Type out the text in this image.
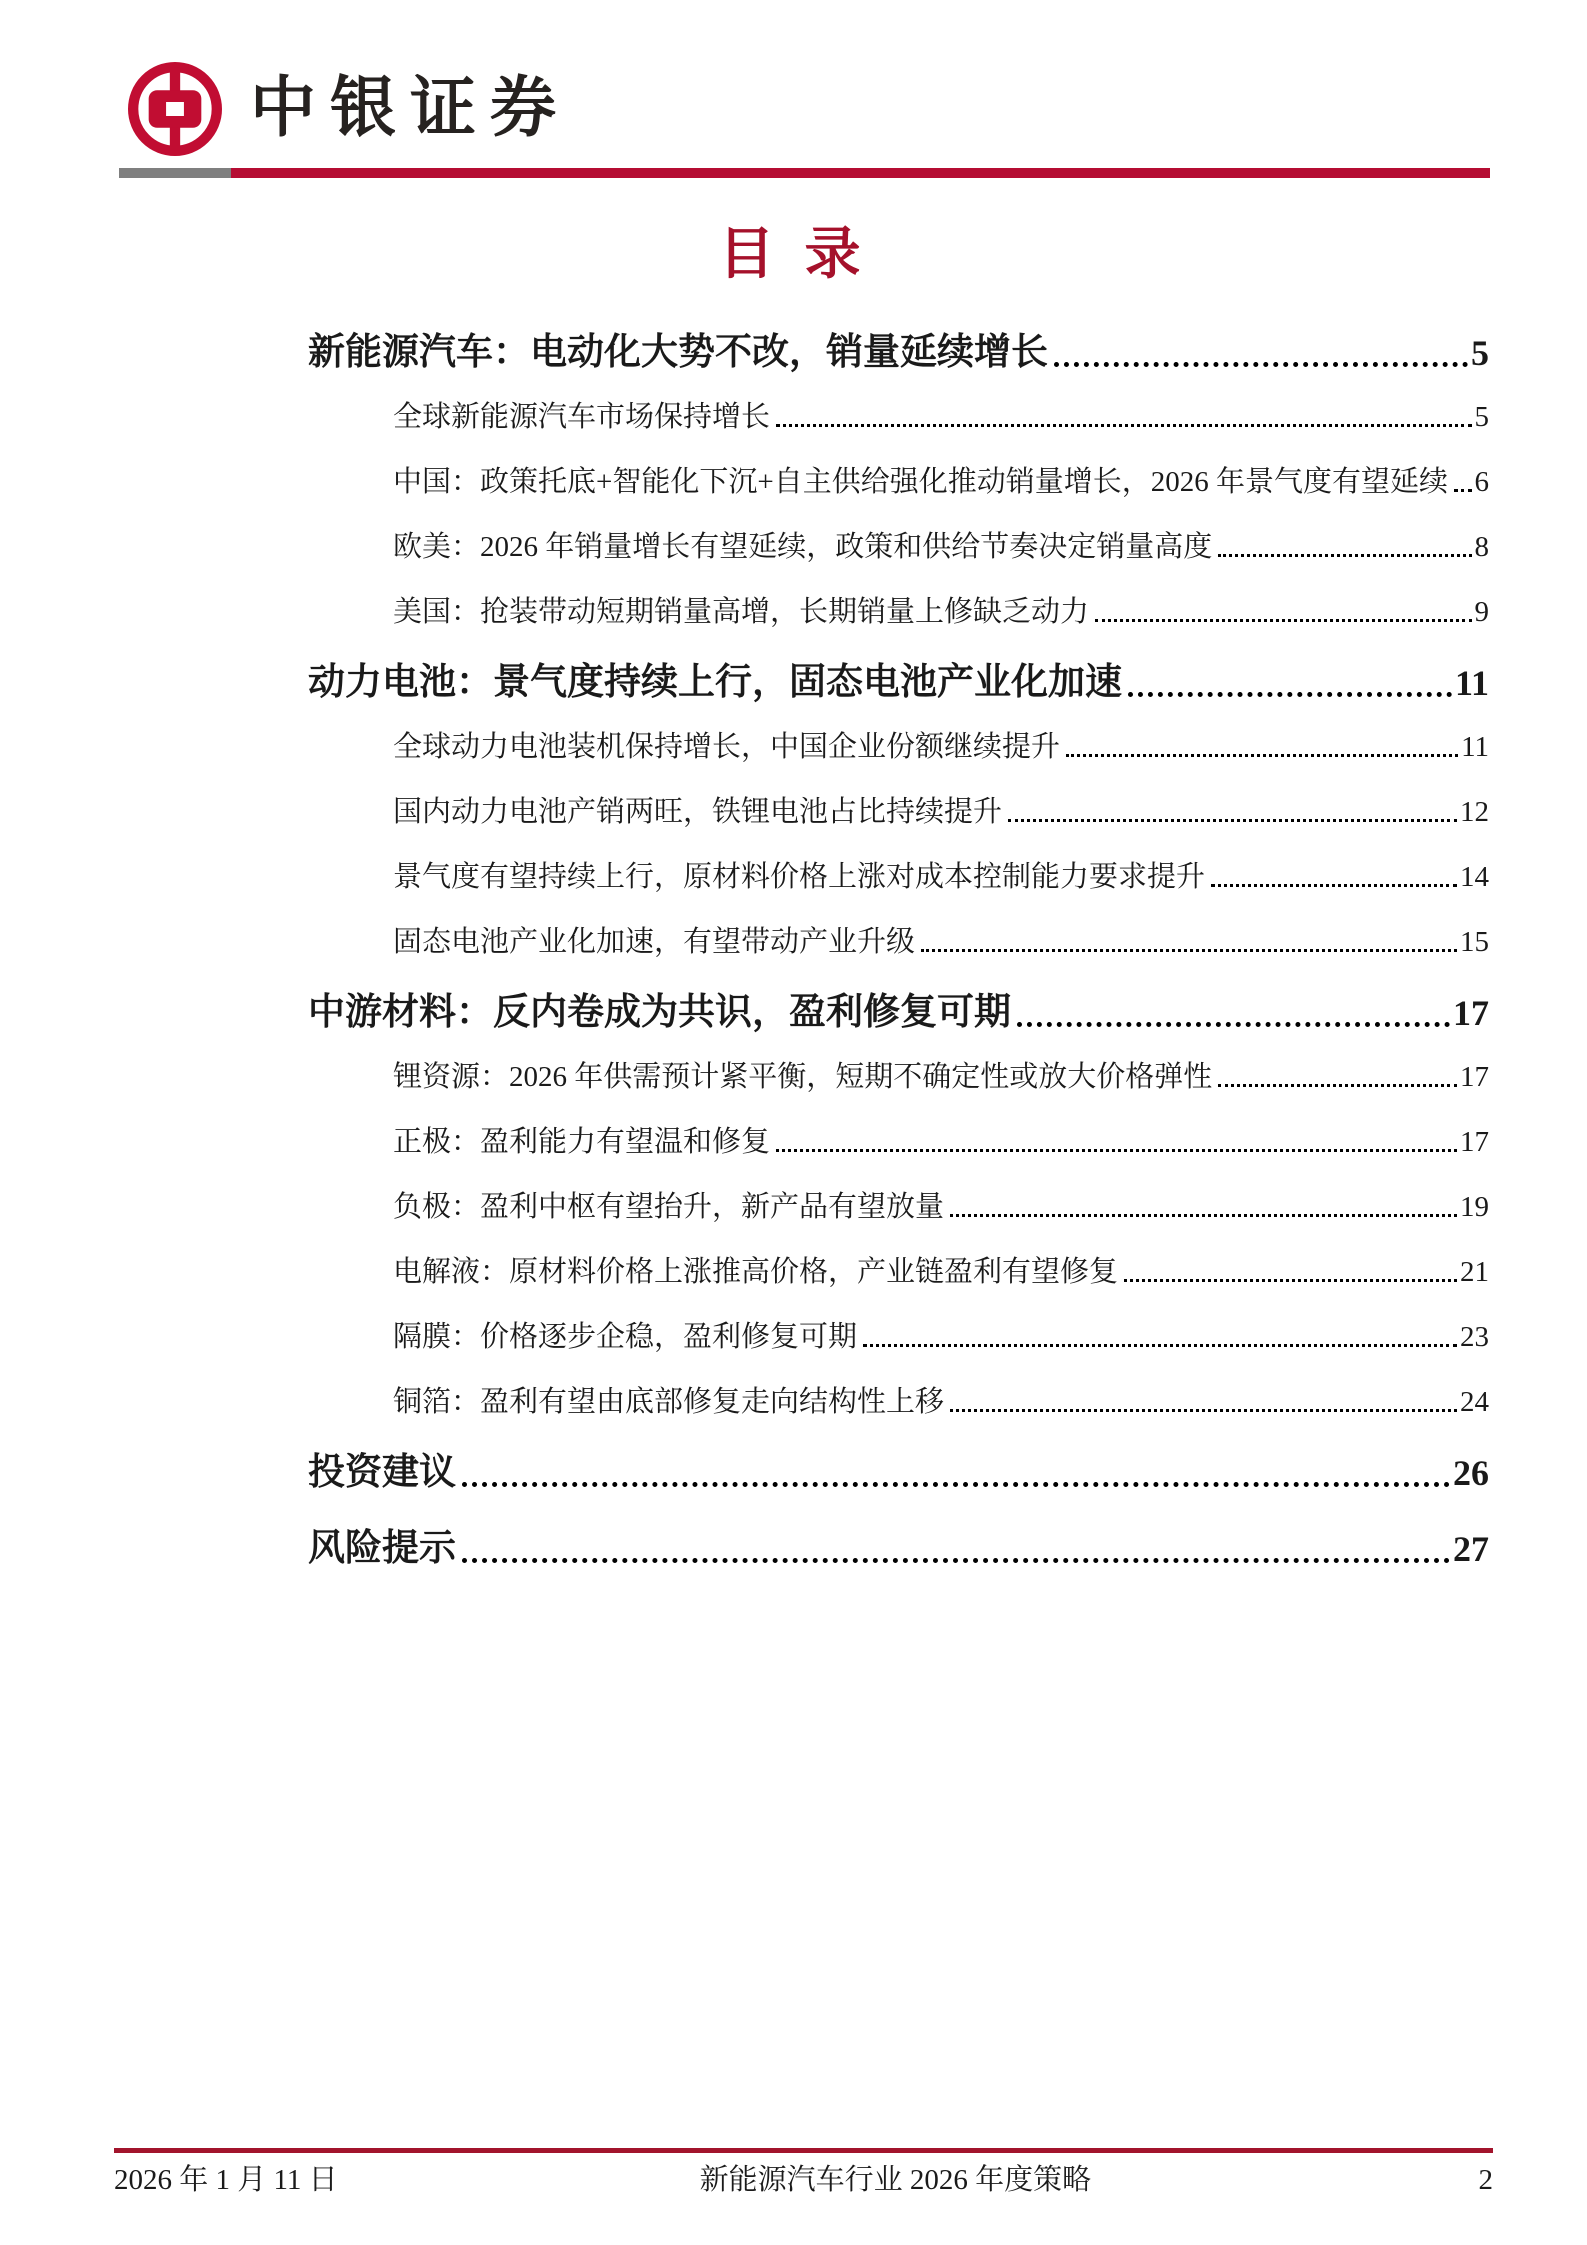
中银证券
目 录
新能源汽车：电动化大势不改，销量延续增长	5
全球新能源汽车市场保持增长	5
中国：政策托底+智能化下沉+自主供给强化推动销量增长，2026 年景气度有望延续 6
欧美：2026 年销量增长有望延续，政策和供给节奏决定销量高度	8
美国：抢装带动短期销量高增，长期销量上修缺乏动力	9
动力电池：景气度持续上行，固态电池产业化加速	11
全球动力电池装机保持增长，中国企业份额继续提升	11
国内动力电池产销两旺，铁锂电池占比持续提升	12
景气度有望持续上行，原材料价格上涨对成本控制能力要求提升	14
固态电池产业化加速，有望带动产业升级	15
中游材料：反内卷成为共识，盈利修复可期	17
锂资源：2026 年供需预计紧平衡，短期不确定性或放大价格弹性	17
正极：盈利能力有望温和修复	17
负极：盈利中枢有望抬升，新产品有望放量	19
电解液：原材料价格上涨推高价格，产业链盈利有望修复	21
隔膜：价格逐步企稳，盈利修复可期	23
铜箔：盈利有望由底部修复走向结构性上移	24
投资建议	26
风险提示	27
2026 年 1 月 11 日	新能源汽车行业 2026 年度策略	2
